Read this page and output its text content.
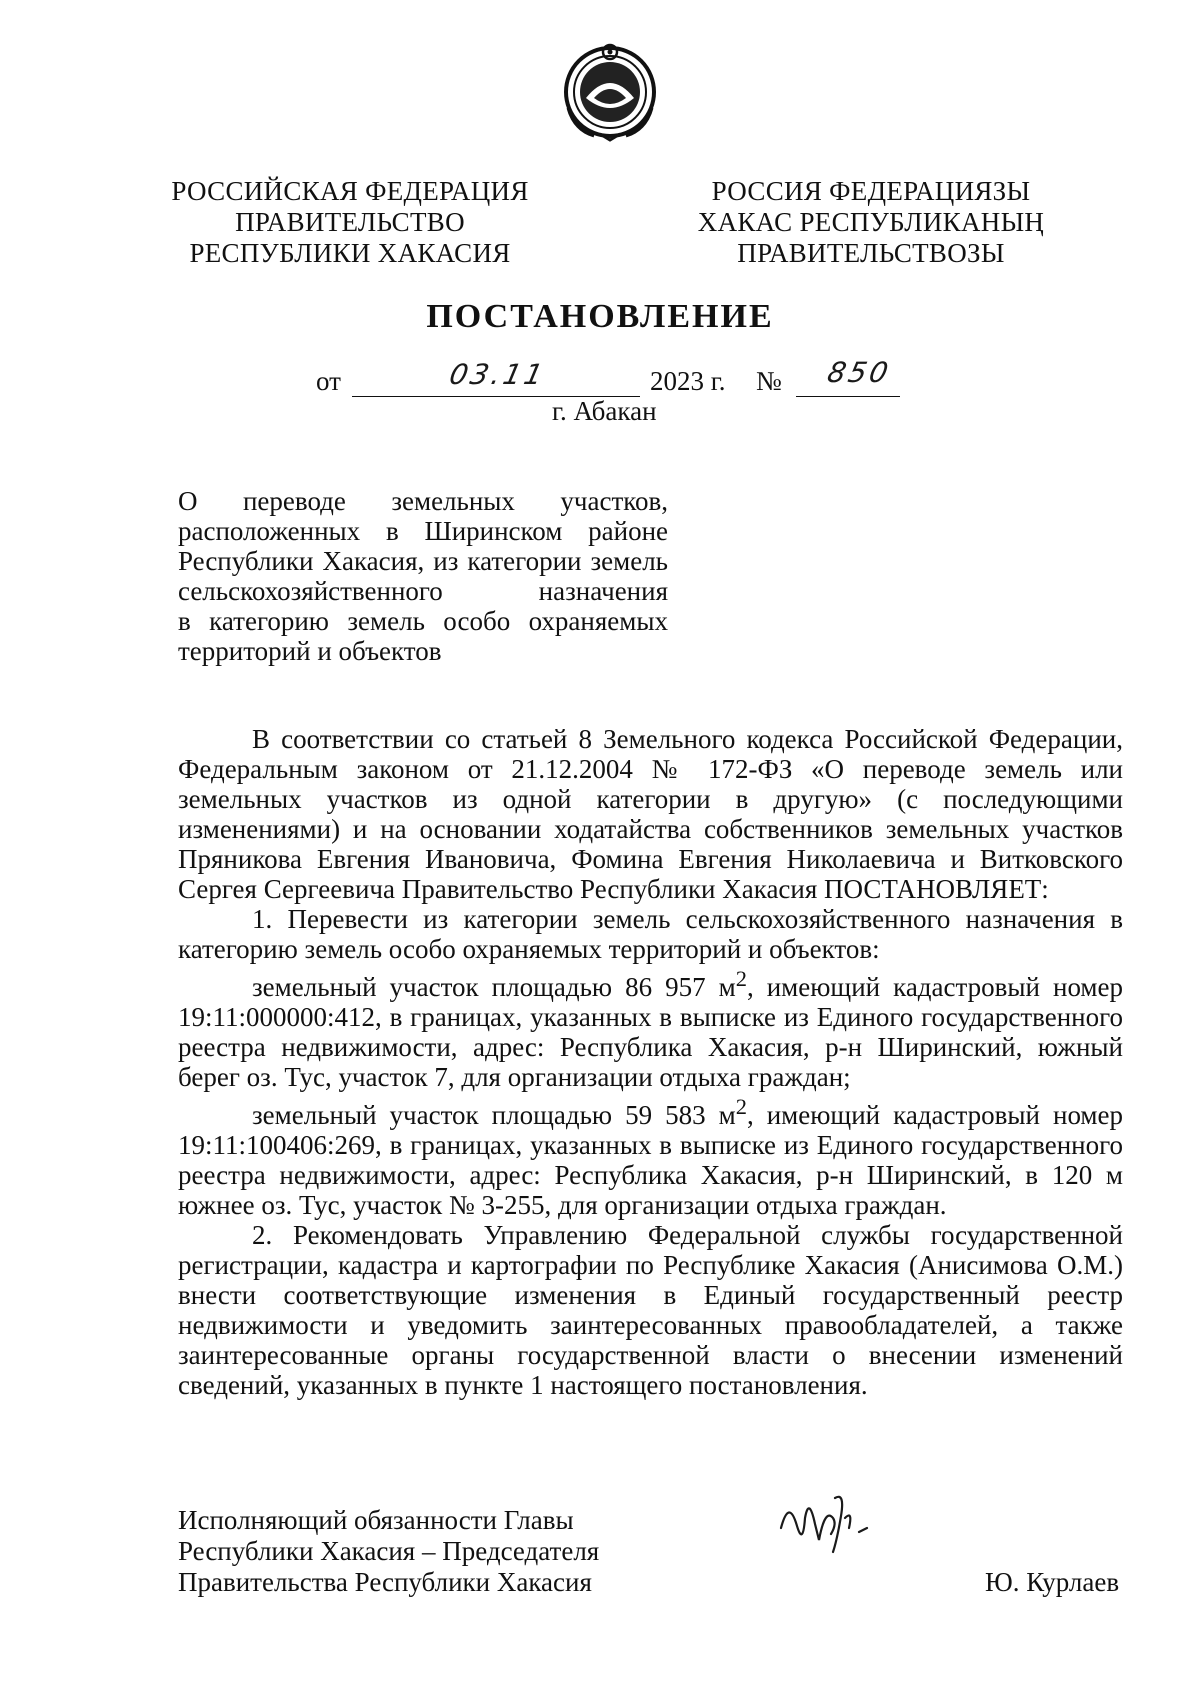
РОССИЙСКАЯ ФЕДЕРАЦИЯ
ПРАВИТЕЛЬСТВО
РЕСПУБЛИКИ ХАКАСИЯ
РОССИЯ ФЕДЕРАЦИЯЗЫ
ХАКАС РЕСПУБЛИКАНЫҢ
ПРАВИТЕЛЬСТВОЗЫ
ПОСТАНОВЛЕНИЕ
от	03.11	2023 г. № 850
г. Абакан
О переводе земельных участков,
расположенных в Ширинском районе
Республики Хакасия, из категории земель
сельскохозяйственного назначения
в категорию земель особо охраняемых
территорий и объектов

В соответствии со статьей 8 Земельного кодекса Российской Федерации, Федеральным законом от 21.12.2004 № 172-ФЗ «О переводе земель или земельных участков из одной категории в другую» (с последующими изменениями) и на основании ходатайства собственников земельных участков Пряникова Евгения Ивановича, Фомина Евгения Николаевича и Витковского Сергея Сергеевича Правительство Республики Хакасия ПОСТАНОВЛЯЕТ:

1. Перевести из категории земель сельскохозяйственного назначения в категорию земель особо охраняемых территорий и объектов:

земельный участок площадью 86 957 $м^2$, имеющий кадастровый номер 19:11:000000:412, в границах, указанных в выписке из Единого государственного реестра недвижимости, адрес: Республика Хакасия, р-н Ширинский, южный берег оз. Тус, участок 7, для организации отдыха граждан;

земельный участок площадью 59 583 $м^2$, имеющий кадастровый номер 19:11:100406:269, в границах, указанных в выписке из Единого государственного реестра недвижимости, адрес: Республика Хакасия, р-н Ширинский, в 120 м южнее оз. Тус, участок № 3-255, для организации отдыха граждан.

2. Рекомендовать Управлению Федеральной службы государственной регистрации, кадастра и картографии по Республике Хакасия (Анисимова О.М.) внести соответствующие изменения в Единый государственный реестр недвижимости и уведомить заинтересованных правообладателей, а также заинтересованные органы государственной власти о внесении изменений сведений, указанных в пункте 1 настоящего постановления.

Исполняющий обязанности Главы
Республики Хакасия – Председателя
Правительства Республики Хакасия	Ю. Курлаев
